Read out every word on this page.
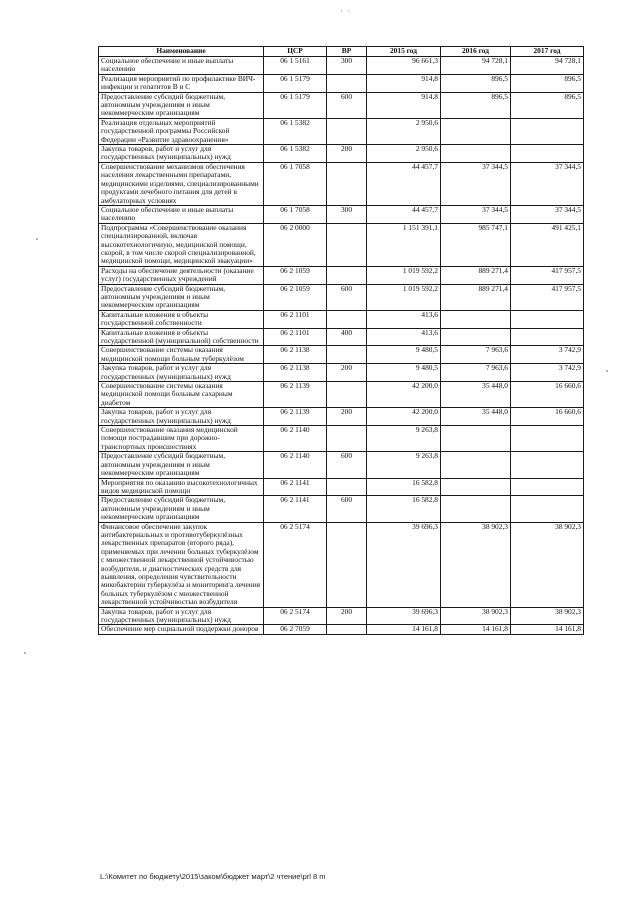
· ·
Наименование	ЦСР	ВР	2015 год	2016 год	2017 год
Социальное обеспечение и иные выплаты населению	06 1 5161	300	96 661,3	94 728,1	94 728,1
Реализация мероприятий по профилактике ВИЧ-инфекции и гепатитов В и С	06 1 5179		914,8	896,5	896,5
Предоставление субсидий бюджетным, автономным учреждениям и иным некоммерческим организациям	06 1 5179	600	914,8	896,5	896,5
Реализация отдельных мероприятий государственной программы Российской Федерации «Развитие здравоохранения»	06 1 5382		2 950,6		
Закупка товаров, работ и услуг для государственных (муниципальных) нужд	06 1 5382	200	2 950,6		
Совершенствование механизмов обеспечения населения лекарственными препаратами, медицинскими изделиями, специализированными продуктами лечебного питания для детей в амбулаторных условиях	06 1 7058		44 457,7	37 344,5	37 344,5
Социальное обеспечение и иные выплаты населению	06 1 7058	300	44 457,7	37 344,5	37 344,5
Подпрограмма «Совершенствование оказания специализированной, включая высокотехнологичную, медицинской помощи, скорой, в том числе скорой специализированной, медицинской помощи, медицинской эвакуации»	06 2 0000		1 151 391,1	985 747,1	491 425,1
Расходы на обеспечение деятельности (оказание услуг) государственных учреждений	06 2 1059		1 019 592,2	889 271,4	417 957,5
Предоставление субсидий бюджетным, автономным учреждениям и иным некоммерческим организациям	06 2 1059	600	1 019 592,2	889 271,4	417 957,5
Капитальные вложения в объекты государственной собственности	06 2 1101		413,6		
Капитальные вложения в объекты государственной (муниципальной) собственности	06 2 1101	400	413,6		
Совершенствование системы оказания медицинской помощи больным туберкулёзом	06 2 1138		9 480,5	7 963,6	3 742,9
Закупка товаров, работ и услуг для государственных (муниципальных) нужд	06 2 1138	200	9 480,5	7 963,6	3 742,9
Совершенствование системы оказания медицинской помощи больным сахарным диабетом	06 2 1139		42 200,0	35 448,0	16 660,6
Закупка товаров, работ и услуг для государственных (муниципальных) нужд	06 2 1139	200	42 200,0	35 448,0	16 660,6
Совершенствование оказания медицинской помощи пострадавшим при дорожно-транспортных происшествиях	06 2 1140		9 263,8		
Предоставление субсидий бюджетным, автономным учреждениям и иным некоммерческим организациям	06 2 1140	600	9 263,8		
Мероприятия по оказанию высокотехнологичных видов медицинской помощи	06 2 1141		16 582,8		
Предоставление субсидий бюджетным, автономным учреждениям и иным некоммерческим организациям	06 2 1141	600	16 582,8		
Финансовое обеспечение закупок антибактериальных и противотуберкулёзных лекарственных препаратов (второго ряда), применяемых при лечении больных туберкулёзом с множественной лекарственной устойчивостью возбудителя, и диагностических средств для выявления, определения чувствительности микобактерии туберкулёза и мониторинга лечения больных туберкулёзом с множественной лекарственной устойчивостью возбудителя	06 2 5174		39 696,3	38 902,3	38 902,3
Закупка товаров, работ и услуг для государственных (муниципальных) нужд	06 2 5174	200	39 696,3	38 902,3	38 902,3
Обеспечение мер социальной поддержки доноров	06 2 7059		14 161,8	14 161,8	14 161,8
L:\Комитет по бюджету\2015\заком\бюджет март\2 чтение\рrl 8 m
